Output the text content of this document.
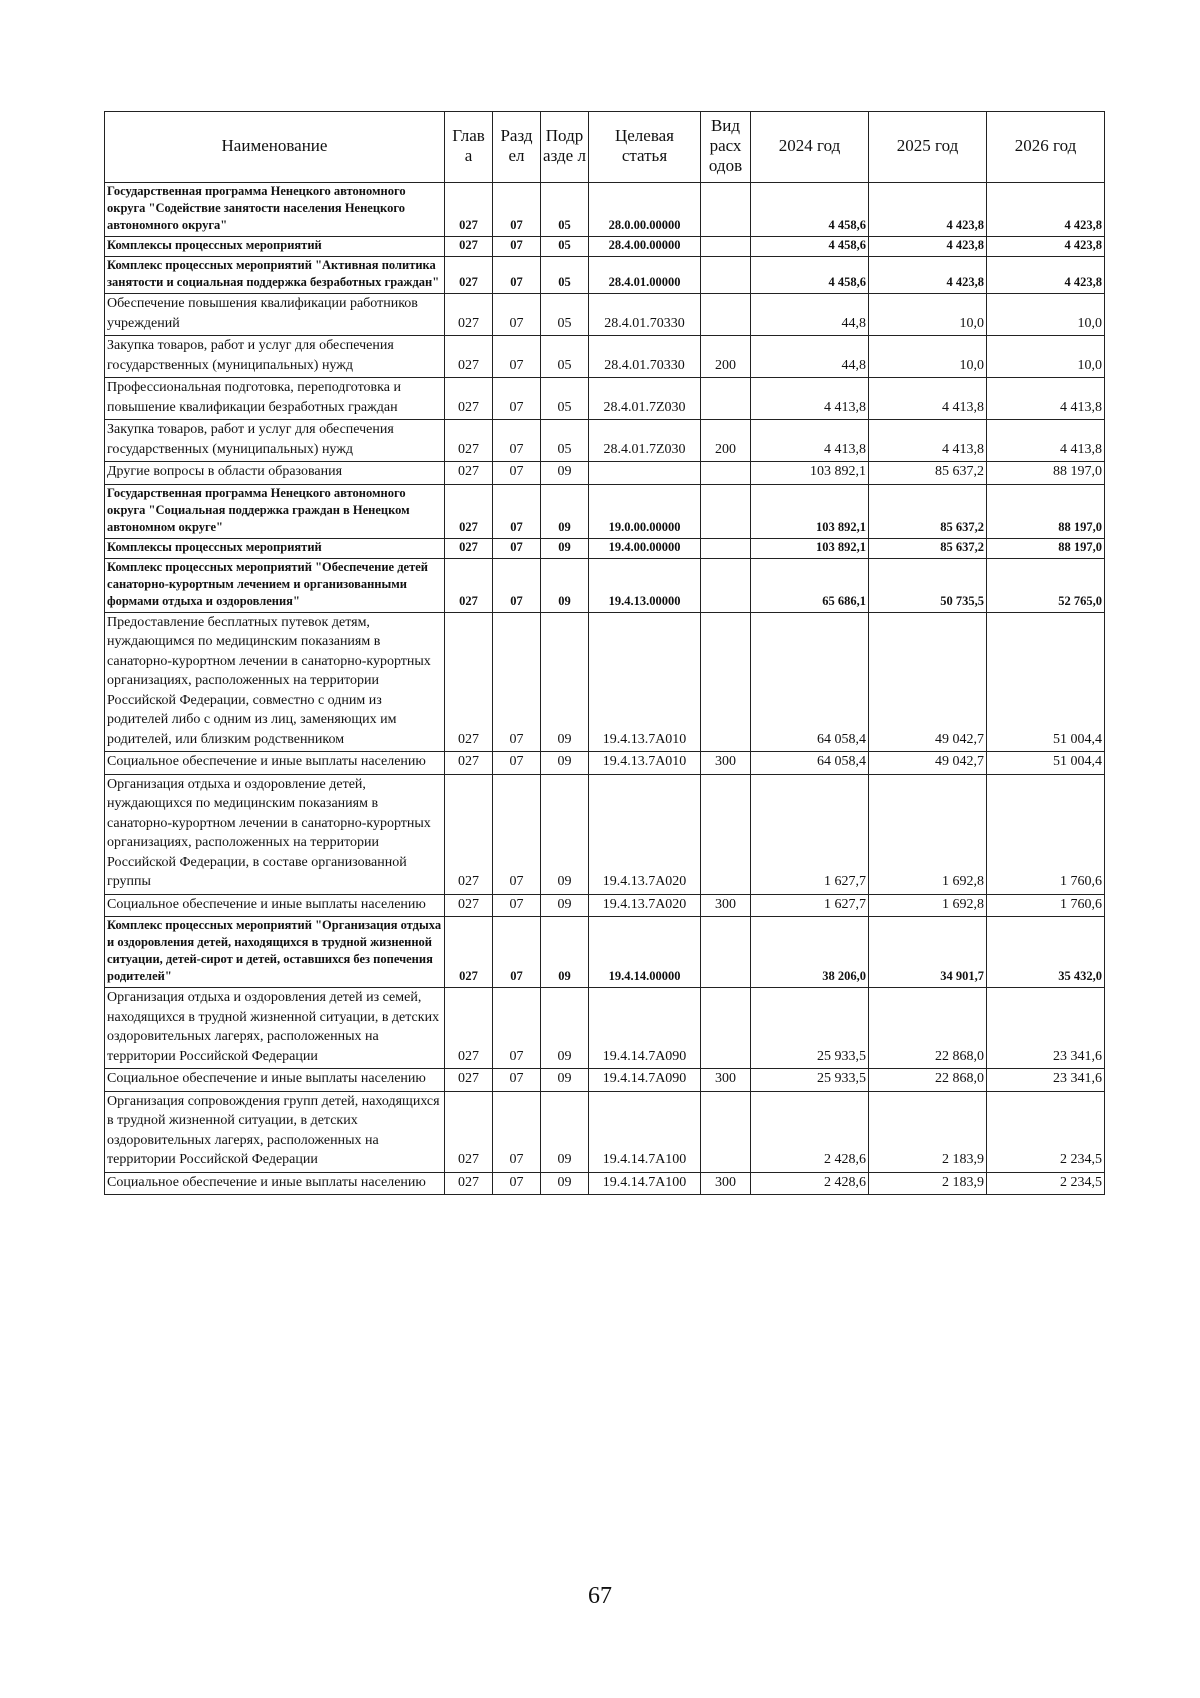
Наименование	Глав а	Разд ел	Подр азде л	Целевая статья	Вид расх одов	2024 год	2025 год	2026 год
Государственная программа Ненецкого автономного округа "Содействие занятости населения Ненецкого автономного округа"	027	07	05	28.0.00.00000		4 458,6	4 423,8	4 423,8
Комплексы процессных мероприятий	027	07	05	28.4.00.00000		4 458,6	4 423,8	4 423,8
Комплекс процессных мероприятий "Активная политика занятости и социальная поддержка безработных граждан"	027	07	05	28.4.01.00000		4 458,6	4 423,8	4 423,8
Обеспечение повышения квалификации работников учреждений	027	07	05	28.4.01.70330		44,8	10,0	10,0
Закупка товаров, работ и услуг для обеспечения государственных (муниципальных) нужд	027	07	05	28.4.01.70330	200	44,8	10,0	10,0
Профессиональная подготовка, переподготовка и повышение квалификации безработных граждан	027	07	05	28.4.01.7Z030		4 413,8	4 413,8	4 413,8
Закупка товаров, работ и услуг для обеспечения государственных (муниципальных) нужд	027	07	05	28.4.01.7Z030	200	4 413,8	4 413,8	4 413,8
Другие вопросы в области образования	027	07	09			103 892,1	85 637,2	88 197,0
Государственная программа Ненецкого автономного округа "Социальная поддержка граждан в Ненецком автономном округе"	027	07	09	19.0.00.00000		103 892,1	85 637,2	88 197,0
Комплексы процессных мероприятий	027	07	09	19.4.00.00000		103 892,1	85 637,2	88 197,0
Комплекс процессных мероприятий "Обеспечение детей санаторно-курортным лечением и организованными формами отдыха и оздоровления"	027	07	09	19.4.13.00000		65 686,1	50 735,5	52 765,0
Предоставление бесплатных путевок детям, нуждающимся по медицинским показаниям в санаторно-курортном лечении в санаторно-курортных организациях, расположенных на территории Российской Федерации, совместно с одним из родителей либо с одним из лиц, заменяющих им родителей, или близким родственником	027	07	09	19.4.13.7А010		64 058,4	49 042,7	51 004,4
Социальное обеспечение и иные выплаты населению	027	07	09	19.4.13.7А010	300	64 058,4	49 042,7	51 004,4
Организация отдыха и оздоровление детей, нуждающихся по медицинским показаниям в санаторно-курортном лечении в санаторно-курортных организациях, расположенных на территории Российской Федерации, в составе организованной группы	027	07	09	19.4.13.7А020		1 627,7	1 692,8	1 760,6
Социальное обеспечение и иные выплаты населению	027	07	09	19.4.13.7А020	300	1 627,7	1 692,8	1 760,6
Комплекс процессных мероприятий "Организация отдыха и оздоровления детей, находящихся в трудной жизненной ситуации, детей-сирот и детей, оставшихся без попечения родителей"	027	07	09	19.4.14.00000		38 206,0	34 901,7	35 432,0
Организация отдыха и оздоровления детей из семей, находящихся в трудной жизненной ситуации, в детских оздоровительных лагерях, расположенных на территории Российской Федерации	027	07	09	19.4.14.7А090		25 933,5	22 868,0	23 341,6
Социальное обеспечение и иные выплаты населению	027	07	09	19.4.14.7А090	300	25 933,5	22 868,0	23 341,6
Организация сопровождения групп детей, находящихся в трудной жизненной ситуации, в детских оздоровительных лагерях, расположенных на территории Российской Федерации	027	07	09	19.4.14.7А100		2 428,6	2 183,9	2 234,5
Социальное обеспечение и иные выплаты населению	027	07	09	19.4.14.7А100	300	2 428,6	2 183,9	2 234,5
67
